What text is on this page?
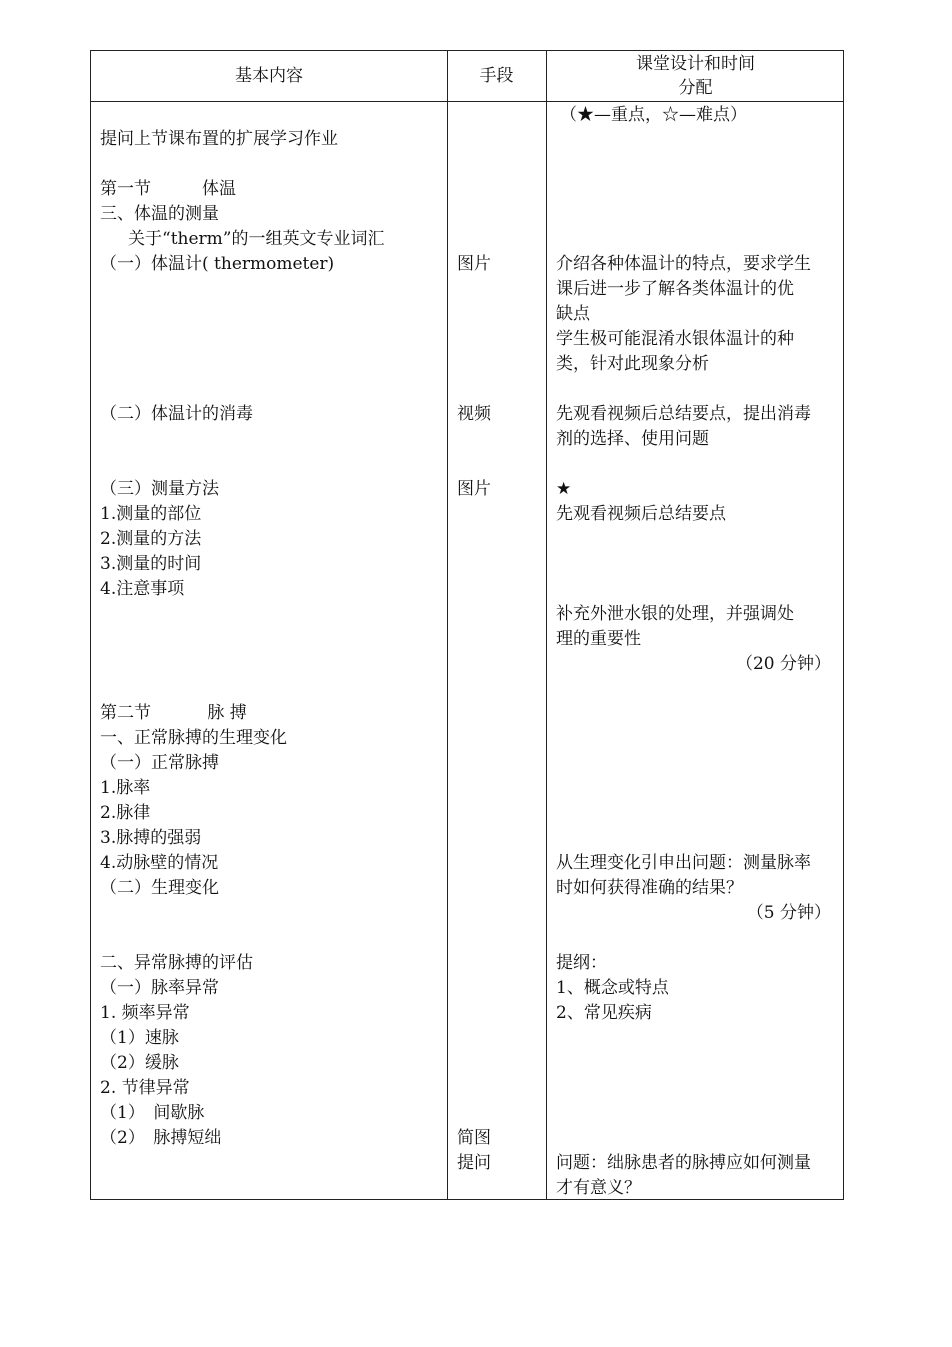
基本内容	手段
课堂设计和时间
分配
提问上节课布置的扩展学习作业
第一节　　　体温
三、体温的测量
关于“therm”的一组英文专业词汇
（一）体温计( thermometer)
（二）体温计的消毒
（三）测量方法
1.测量的部位
2.测量的方法
3.测量的时间
4.注意事项
第二节　　　 脉 搏
一、正常脉搏的生理变化
（一）正常脉搏
1.脉率
2.脉律
3.脉搏的强弱
4.动脉壁的情况
（二）生理变化
二、异常脉搏的评估
（一）脉率异常
1. 频率异常
（1）速脉
（2）缓脉
2. 节律异常
（1）　间歇脉
（2）　脉搏短绌
图片
视频
图片
简图
提问
（★—重点，☆—难点）
介绍各种体温计的特点，要求学生
课后进一步了解各类体温计的优
缺点
学生极可能混淆水银体温计的种
类，针对此现象分析
先观看视频后总结要点，提出消毒
剂的选择、使用问题
★
先观看视频后总结要点
补充外泄水银的处理，并强调处
理的重要性
（20 分钟）
从生理变化引申出问题：测量脉率
时如何获得准确的结果？
（5 分钟）
提纲：
1、概念或特点
2、常见疾病
问题：绌脉患者的脉搏应如何测量
才有意义？
